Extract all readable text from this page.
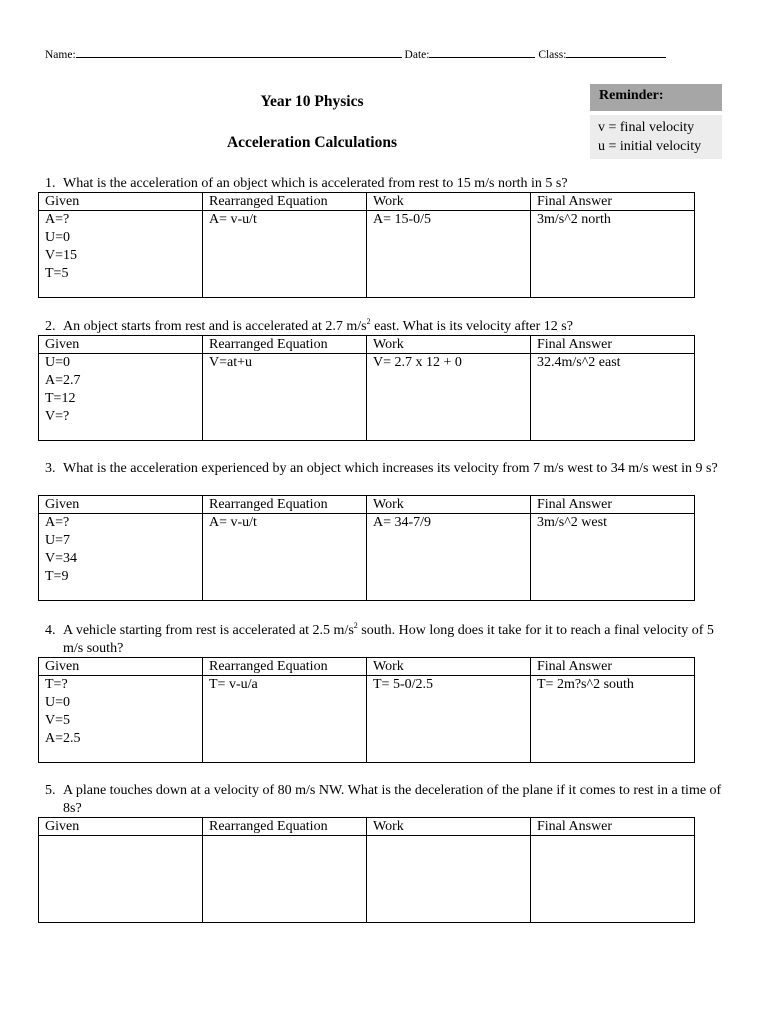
Name:	Date:	Class:
Year 10 Physics
Acceleration Calculations
Reminder:
v = final velocity
u = initial velocity
1. What is the acceleration of an object which is accelerated from rest to 15 m/s north in 5 s?
Given	Rearranged Equation	Work	Final Answer

A=?
U=0
V=15
T=5	A= v-u/t	A= 15-0/5	3m/s^2 north
2. An object starts from rest and is accelerated at 2.7 $m/s^2$ east. What is its velocity after 12 s?
Given	Rearranged Equation	Work	Final Answer

U=0
A=2.7
T=12
V=?	V=at+u	V= 2.7 x 12 + 0	32.4m/s^2 east
3. What is the acceleration experienced by an object which increases its velocity from 7 m/s west to 34 m/s west in 9 s?
Given	Rearranged Equation	Work	Final Answer

A=?
U=7
V=34
T=9	A= v-u/t	A= 34-7/9	3m/s^2 west
4. A vehicle starting from rest is accelerated at 2.5 $m/s^2$ south. How long does it take for it to reach a final velocity of 5 m/s south?
Given	Rearranged Equation	Work	Final Answer

T=?
U=0
V=5
A=2.5	T= v-u/a	T= 5-0/2.5	T= 2m?s^2 south
5. A plane touches down at a velocity of 80 m/s NW. What is the deceleration of the plane if it comes to rest in a time of 8s?
Given	Rearranged Equation	Work	Final Answer
